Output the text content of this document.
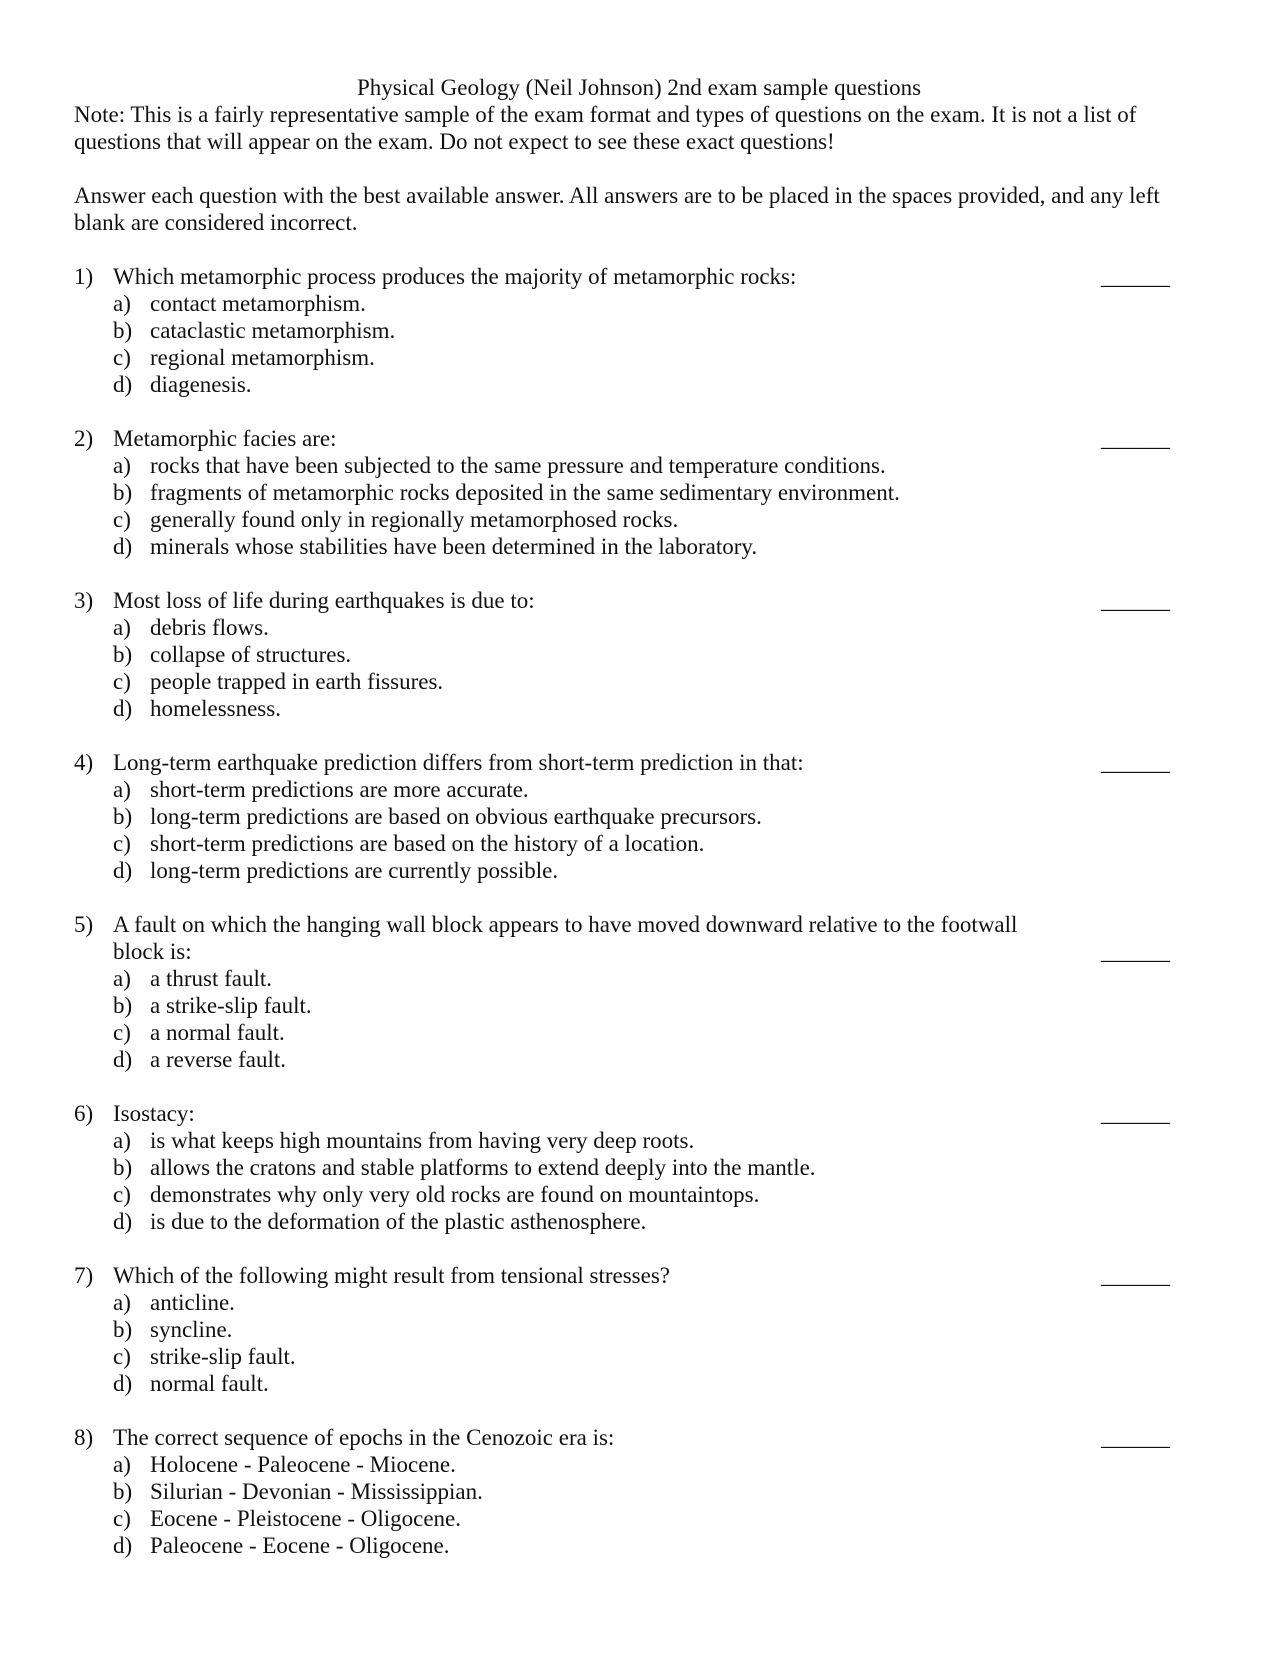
Physical Geology (Neil Johnson) 2nd exam sample questions

Note: This is a fairly representative sample of the exam format and types of questions on the exam. It is not a list of questions that will appear on the exam. Do not expect to see these exact questions!

Answer each question with the best available answer. All answers are to be placed in the spaces provided, and any left blank are considered incorrect.

______
1) Which metamorphic process produces the majority of metamorphic rocks:
a) contact metamorphism.
b) cataclastic metamorphism.
c) regional metamorphism.
d) diagenesis.
______
2) Metamorphic facies are:
a) rocks that have been subjected to the same pressure and temperature conditions.
b) fragments of metamorphic rocks deposited in the same sedimentary environment.
c) generally found only in regionally metamorphosed rocks.
d) minerals whose stabilities have been determined in the laboratory.
______
3) Most loss of life during earthquakes is due to:
a) debris flows.
b) collapse of structures.
c) people trapped in earth fissures.
d) homelessness.
______
4) Long-term earthquake prediction differs from short-term prediction in that:
a) short-term predictions are more accurate.
b) long-term predictions are based on obvious earthquake precursors.
c) short-term predictions are based on the history of a location.
d) long-term predictions are currently possible.
______
5) A fault on which the hanging wall block appears to have moved downward relative to the footwall block is:
a) a thrust fault.
b) a strike-slip fault.
c) a normal fault.
d) a reverse fault.
______
6) Isostacy:
a) is what keeps high mountains from having very deep roots.
b) allows the cratons and stable platforms to extend deeply into the mantle.
c) demonstrates why only very old rocks are found on mountaintops.
d) is due to the deformation of the plastic asthenosphere.
______
7) Which of the following might result from tensional stresses?
a) anticline.
b) syncline.
c) strike-slip fault.
d) normal fault.
______
8) The correct sequence of epochs in the Cenozoic era is:
a) Holocene - Paleocene - Miocene.
b) Silurian - Devonian - Mississippian.
c) Eocene - Pleistocene - Oligocene.
d) Paleocene - Eocene - Oligocene.
